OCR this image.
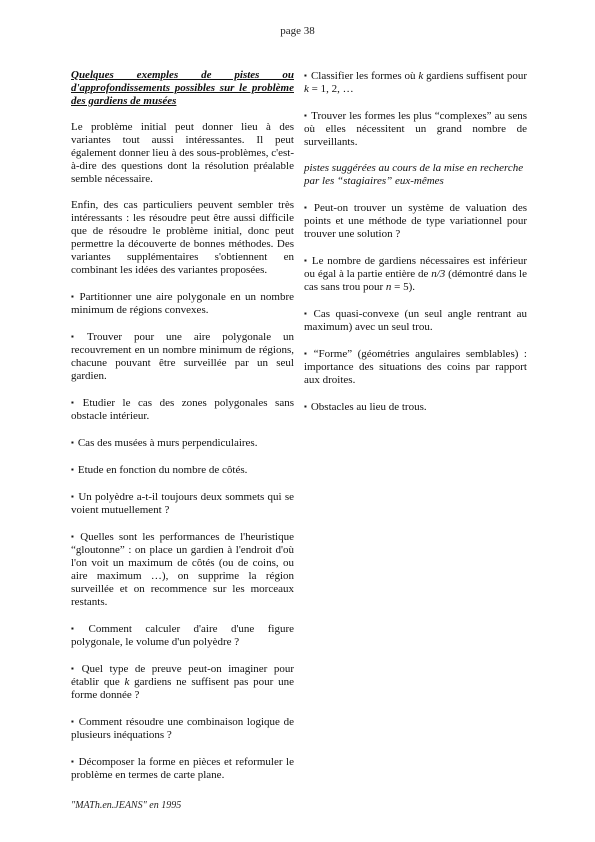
page 38
Quelques exemples de pistes ou d'approfondissements possibles sur le problème des gardiens de musées

Le problème initial peut donner lieu à des variantes tout aussi intéressantes. Il peut également donner lieu à des sous-problèmes, c'est-à-dire des questions dont la résolution préalable semble nécessaire.

Enfin, des cas particuliers peuvent sembler très intéressants : les résoudre peut être aussi difficile que de résoudre le problème initial, donc peut permettre la découverte de bonnes méthodes. Des variantes supplémentaires s'obtiennent en combinant les idées des variantes proposées.

▪ Partitionner une aire polygonale en un nombre minimum de régions convexes.
▪ Trouver pour une aire polygonale un recouvrement en un nombre minimum de régions, chacune pouvant être surveillée par un seul gardien.
▪ Etudier le cas des zones polygonales sans obstacle intérieur.
▪ Cas des musées à murs perpendiculaires.
▪ Etude en fonction du nombre de côtés.
▪ Un polyèdre a-t-il toujours deux sommets qui se voient mutuellement ?
▪ Quelles sont les performances de l'heuristique “gloutonne” : on place un gardien à l'endroit d'où l'on voit un maximum de côtés (ou de coins, ou aire maximum …), on supprime la région surveillée et on recommence sur les morceaux restants.
▪ Comment calculer d'aire d'une figure polygonale, le volume d'un polyèdre ?
▪ Quel type de preuve peut-on imaginer pour établir que k gardiens ne suffisent pas pour une forme donnée ?
▪ Comment résoudre une combinaison logique de plusieurs inéquations ?
▪ Décomposer la forme en pièces et reformuler le problème en termes de carte plane.
▪ Classifier les formes où k gardiens suffisent pour k = 1, 2, …
▪ Trouver les formes les plus “complexes” au sens où elles nécessitent un grand nombre de surveillants.
pistes suggérées au cours de la mise en recherche par les “stagiaires” eux-mêmes
▪ Peut-on trouver un système de valuation des points et une méthode de type variationnel pour trouver une solution ?
▪ Le nombre de gardiens nécessaires est inférieur ou égal à la partie entière de n/3 (démontré dans le cas sans trou pour n = 5).
▪ Cas quasi-convexe (un seul angle rentrant au maximum) avec un seul trou.
▪ “Forme” (géométries angulaires semblables) : importance des situations des coins par rapport aux droites.
▪ Obstacles au lieu de trous.
"MATh.en.JEANS" en 1995
